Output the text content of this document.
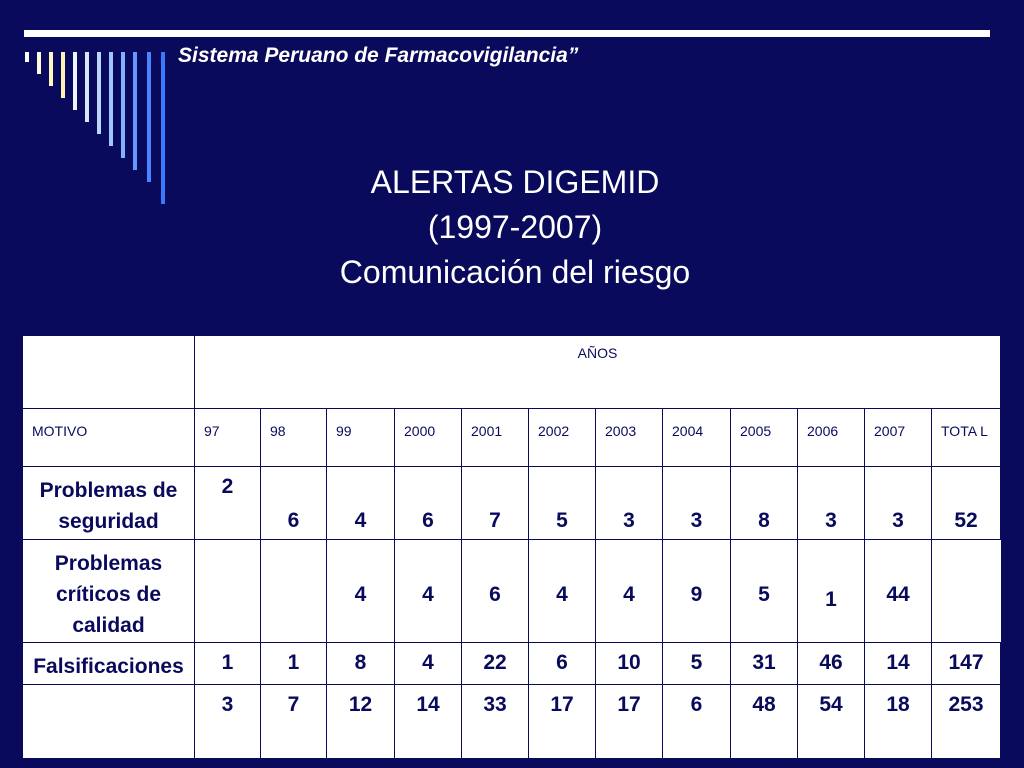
Sistema Peruano de Farmacovigilancia”
ALERTAS DIGEMID
(1997-2007)
Comunicación del riesgo
	AÑOS											
MOTIVO	97	98	99	2000	2001	2002	2003	2004	2005	2006	2007	TOTA L
Problemas de seguridad	2	6	4	6	7	5	3	3	8	3	3	52
Problemas críticos de calidad			4	4	6	4	4	9	5	1	44	
Falsificaciones	1	1	8	4	22	6	10	5	31	46	14	147
	3	7	12	14	33	17	17	6	48	54	18	253
